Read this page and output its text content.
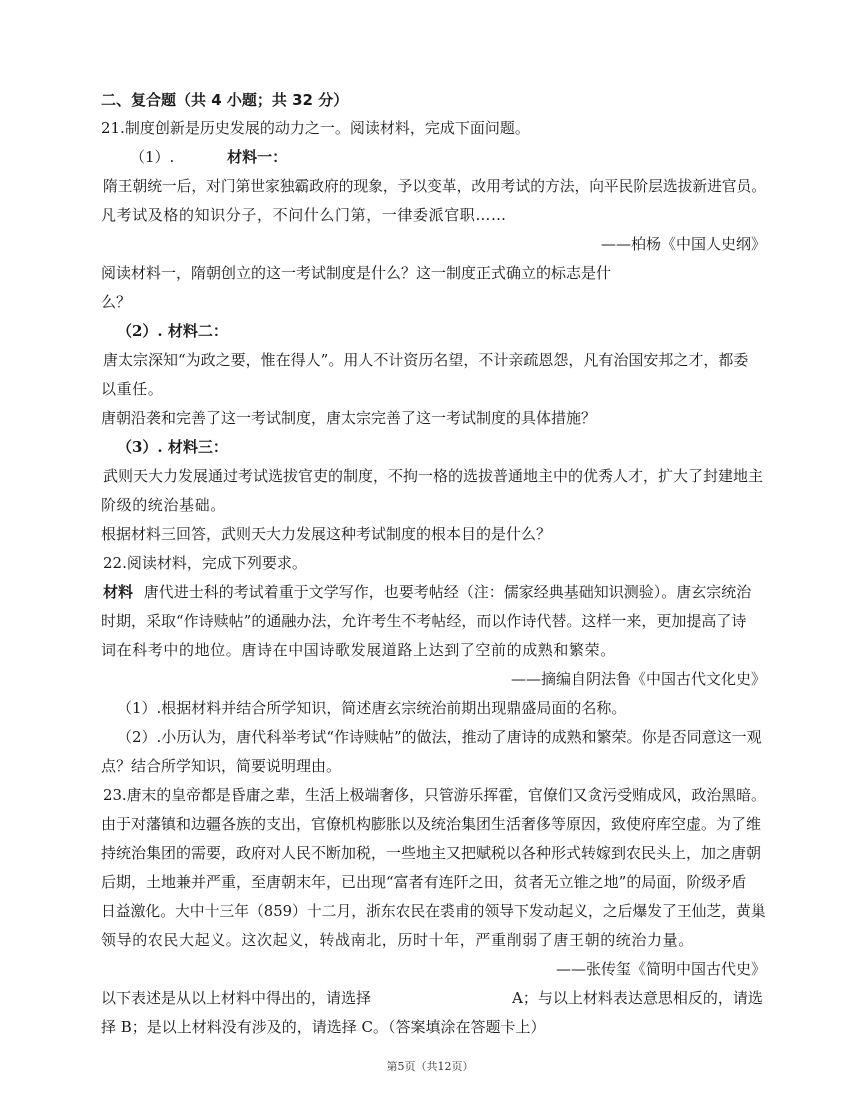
二、复合题（共 4 小题；共 32 分）
21.制度创新是历史发展的动力之一。阅读材料，完成下面问题。
（1）.	材料一：
隋王朝统一后，对门第世家独霸政府的现象，予以变革，改用考试的方法，向平民阶层选拔新进官员。
凡考试及格的知识分子，不问什么门第，一律委派官职……
——柏杨《中国人史纲》
阅读材料一，隋朝创立的这一考试制度是什么？这一制度正式确立的标志是什
么？
（2）. 材料二：
唐太宗深知“为政之要，惟在得人”。用人不计资历名望，不计亲疏恩怨，凡有治国安邦之才，都委
以重任。
唐朝沿袭和完善了这一考试制度，唐太宗完善了这一考试制度的具体措施？
（3）. 材料三：
武则天大力发展通过考试选拔官吏的制度，不拘一格的选拔普通地主中的优秀人才，扩大了封建地主
阶级的统治基础。
根据材料三回答，武则天大力发展这种考试制度的根本目的是什么？
22.阅读材料，完成下列要求。
材料 唐代进士科的考试着重于文学写作，也要考帖经（注：儒家经典基础知识测验）。唐玄宗统治
时期，采取“作诗赎帖”的通融办法，允许考生不考帖经，而以作诗代替。这样一来，更加提高了诗
词在科考中的地位。唐诗在中国诗歌发展道路上达到了空前的成熟和繁荣。
——摘编自阴法鲁《中国古代文化史》
（1）.根据材料并结合所学知识，简述唐玄宗统治前期出现鼎盛局面的名称。
（2）.小历认为，唐代科举考试“作诗赎帖”的做法，推动了唐诗的成熟和繁荣。你是否同意这一观
点？结合所学知识，简要说明理由。
23.唐末的皇帝都是昏庸之辈，生活上极端奢侈，只管游乐挥霍，官僚们又贪污受贿成风，政治黑暗。
由于对藩镇和边疆各族的支出，官僚机构膨胀以及统治集团生活奢侈等原因，致使府库空虚。为了维
持统治集团的需要，政府对人民不断加税，一些地主又把赋税以各种形式转嫁到农民头上，加之唐朝
后期，土地兼并严重，至唐朝末年，已出现“富者有连阡之田，贫者无立锥之地”的局面，阶级矛盾
日益激化。大中十三年（859）十二月，浙东农民在裘甫的领导下发动起义，之后爆发了王仙芝，黄巢
领导的农民大起义。这次起义，转战南北，历时十年，严重削弱了唐王朝的统治力量。
——张传玺《简明中国古代史》
以下表述是从以上材料中得出的，请选择	A；与以上材料表达意思相反的，请选
择 B；是以上材料没有涉及的，请选择 C。（答案填涂在答题卡上）
第5页（共12页）
